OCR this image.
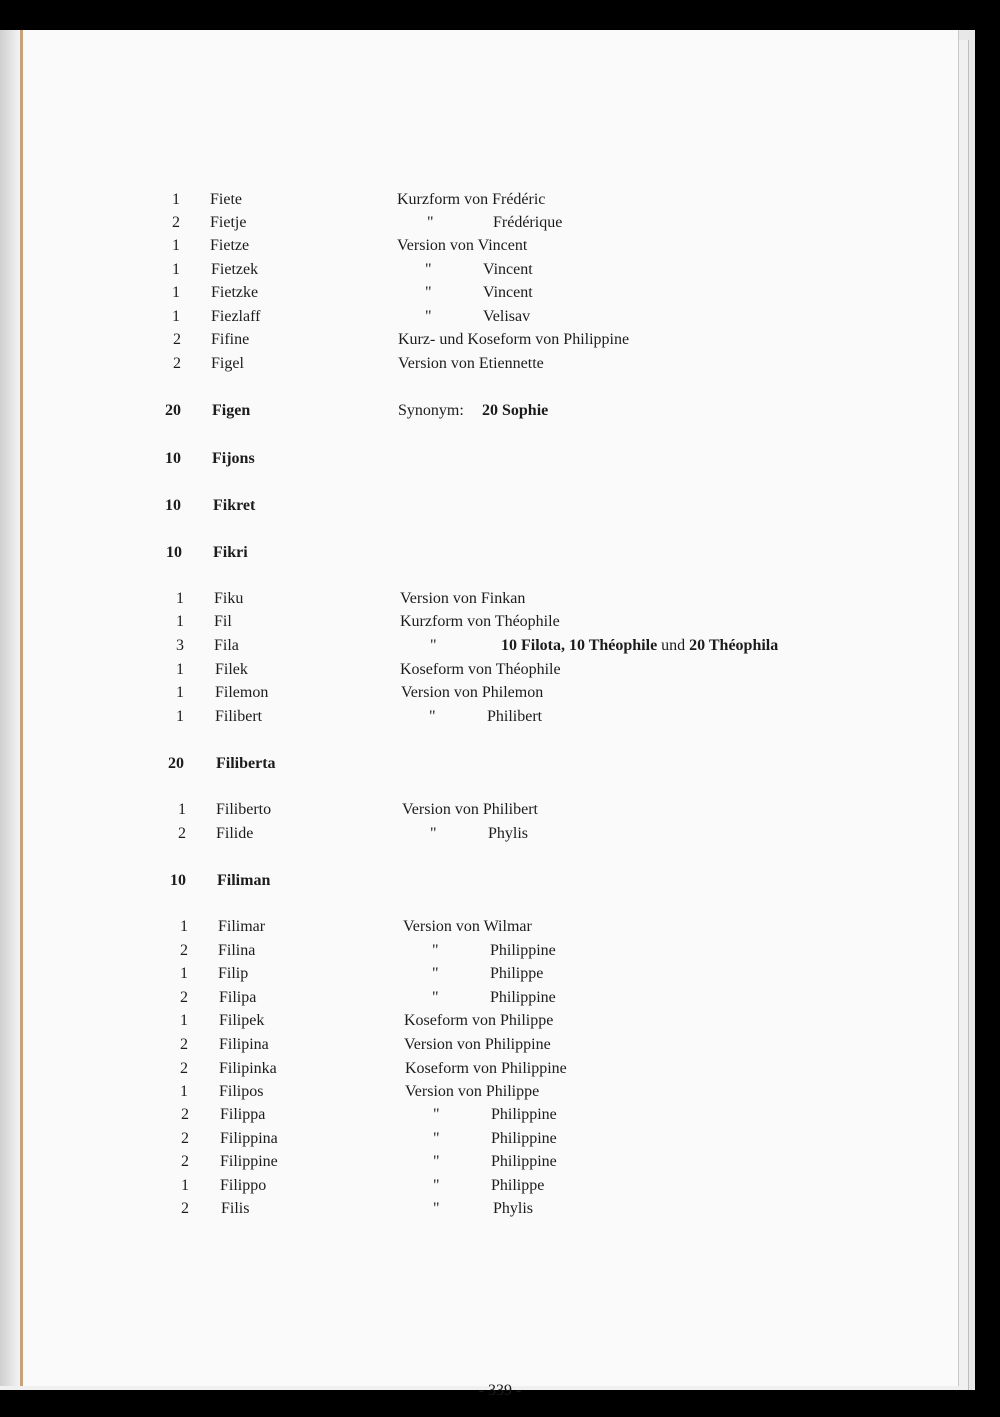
1 Fiete	Kurzform von Frédéric
2 Fietje	"	Frédérique
1 Fietze	Version von Vincent
1 Fietzek	"	Vincent
1 Fietzke	"	Vincent
1 Fiezlaff	"	Velisav
2 Fifine	Kurz- und Koseform von Philippine
2 Figel	Version von Etiennette
20 Figen	Synonym: 20 Sophie
10 Fijons
10 Fikret
10 Fikri
1 Fiku	Version von Finkan
1 Fil	Kurzform von Théophile
3 Fila	"	10 Filota, 10 Théophile und 20 Théophila
1 Filek	Koseform von Théophile
1 Filemon	Version von Philemon
1 Filibert	"	Philibert
20 Filiberta
1 Filiberto	Version von Philibert
2 Filide	"	Phylis
10 Filiman
1 Filimar	Version von Wilmar
2 Filina	"	Philippine
1 Filip	"	Philippe
2 Filipa	"	Philippine
1 Filipek	Koseform von Philippe
2 Filipina	Version von Philippine
2 Filipinka	Koseform von Philippine
1 Filipos	Version von Philippe
2 Filippa	"	Philippine
2 Filippina	"	Philippine
2 Filippine	"	Philippine
1 Filippo	"	Philippe
2 Filis	"	Phylis
- 339 -
